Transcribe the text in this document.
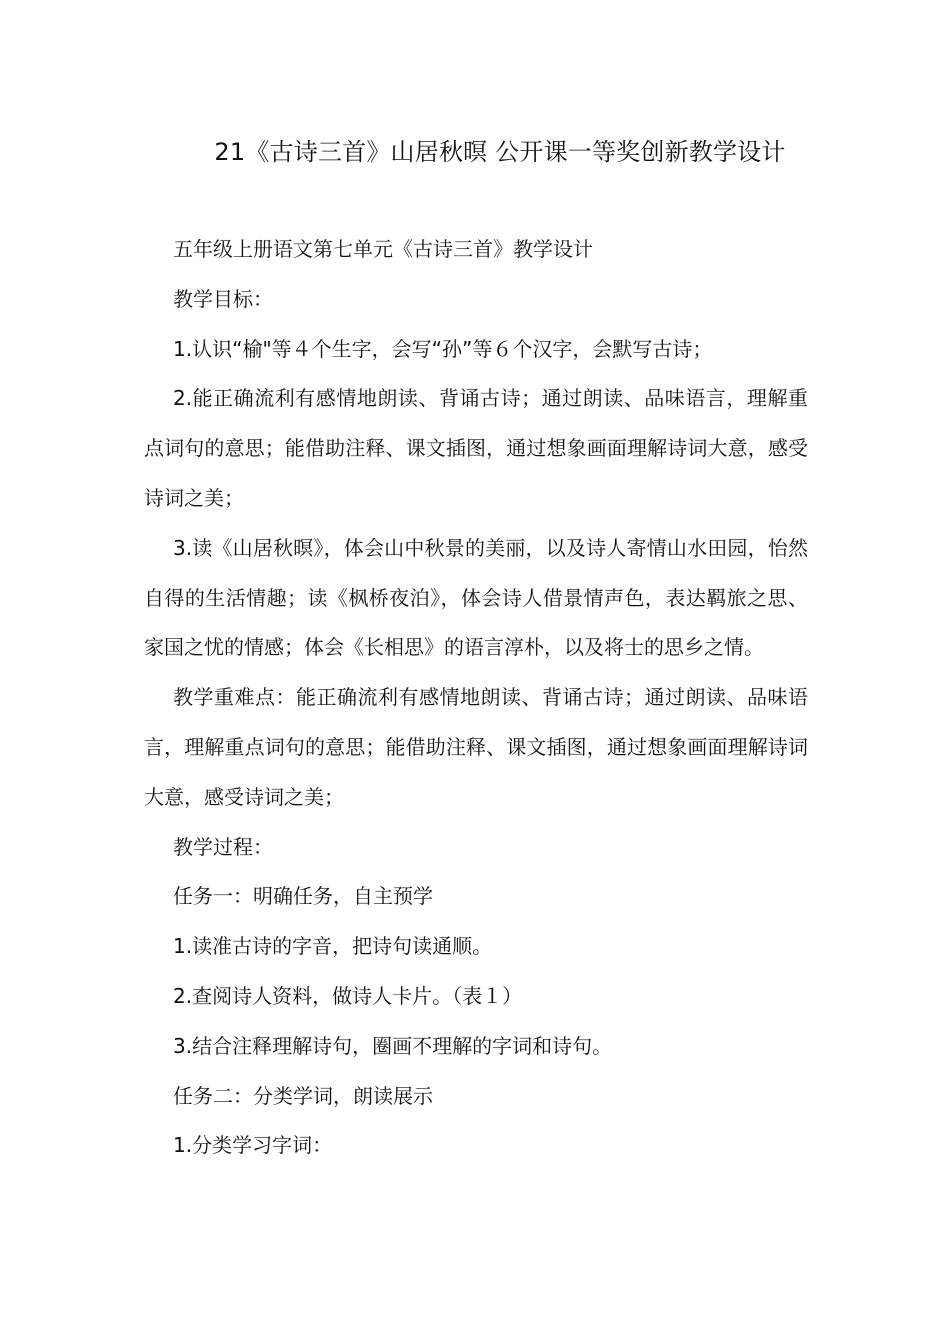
21《古诗三首》山居秋暝 公开课一等奖创新教学设计

五年级上册语文第七单元《古诗三首》教学设计

教学目标：

1.认识“榆"等４个生字，会写“孙”等６个汉字，会默写古诗；

2.能正确流利有感情地朗读、背诵古诗；通过朗读、品味语言，理解重点词句的意思；能借助注释、课文插图，通过想象画面理解诗词大意，感受诗词之美；

3.读《山居秋暝》，体会山中秋景的美丽，以及诗人寄情山水田园，怡然自得的生活情趣；读《枫桥夜泊》，体会诗人借景情声色，表达羁旅之思、家国之忧的情感；体会《长相思》的语言淳朴，以及将士的思乡之情。

教学重难点：能正确流利有感情地朗读、背诵古诗；通过朗读、品味语言，理解重点词句的意思；能借助注释、课文插图，通过想象画面理解诗词大意，感受诗词之美；

教学过程：

任务一：明确任务，自主预学

1.读准古诗的字音，把诗句读通顺。

2.查阅诗人资料，做诗人卡片。（表１）

3.结合注释理解诗句，圈画不理解的字词和诗句。

任务二：分类学词，朗读展示

1.分类学习字词：
